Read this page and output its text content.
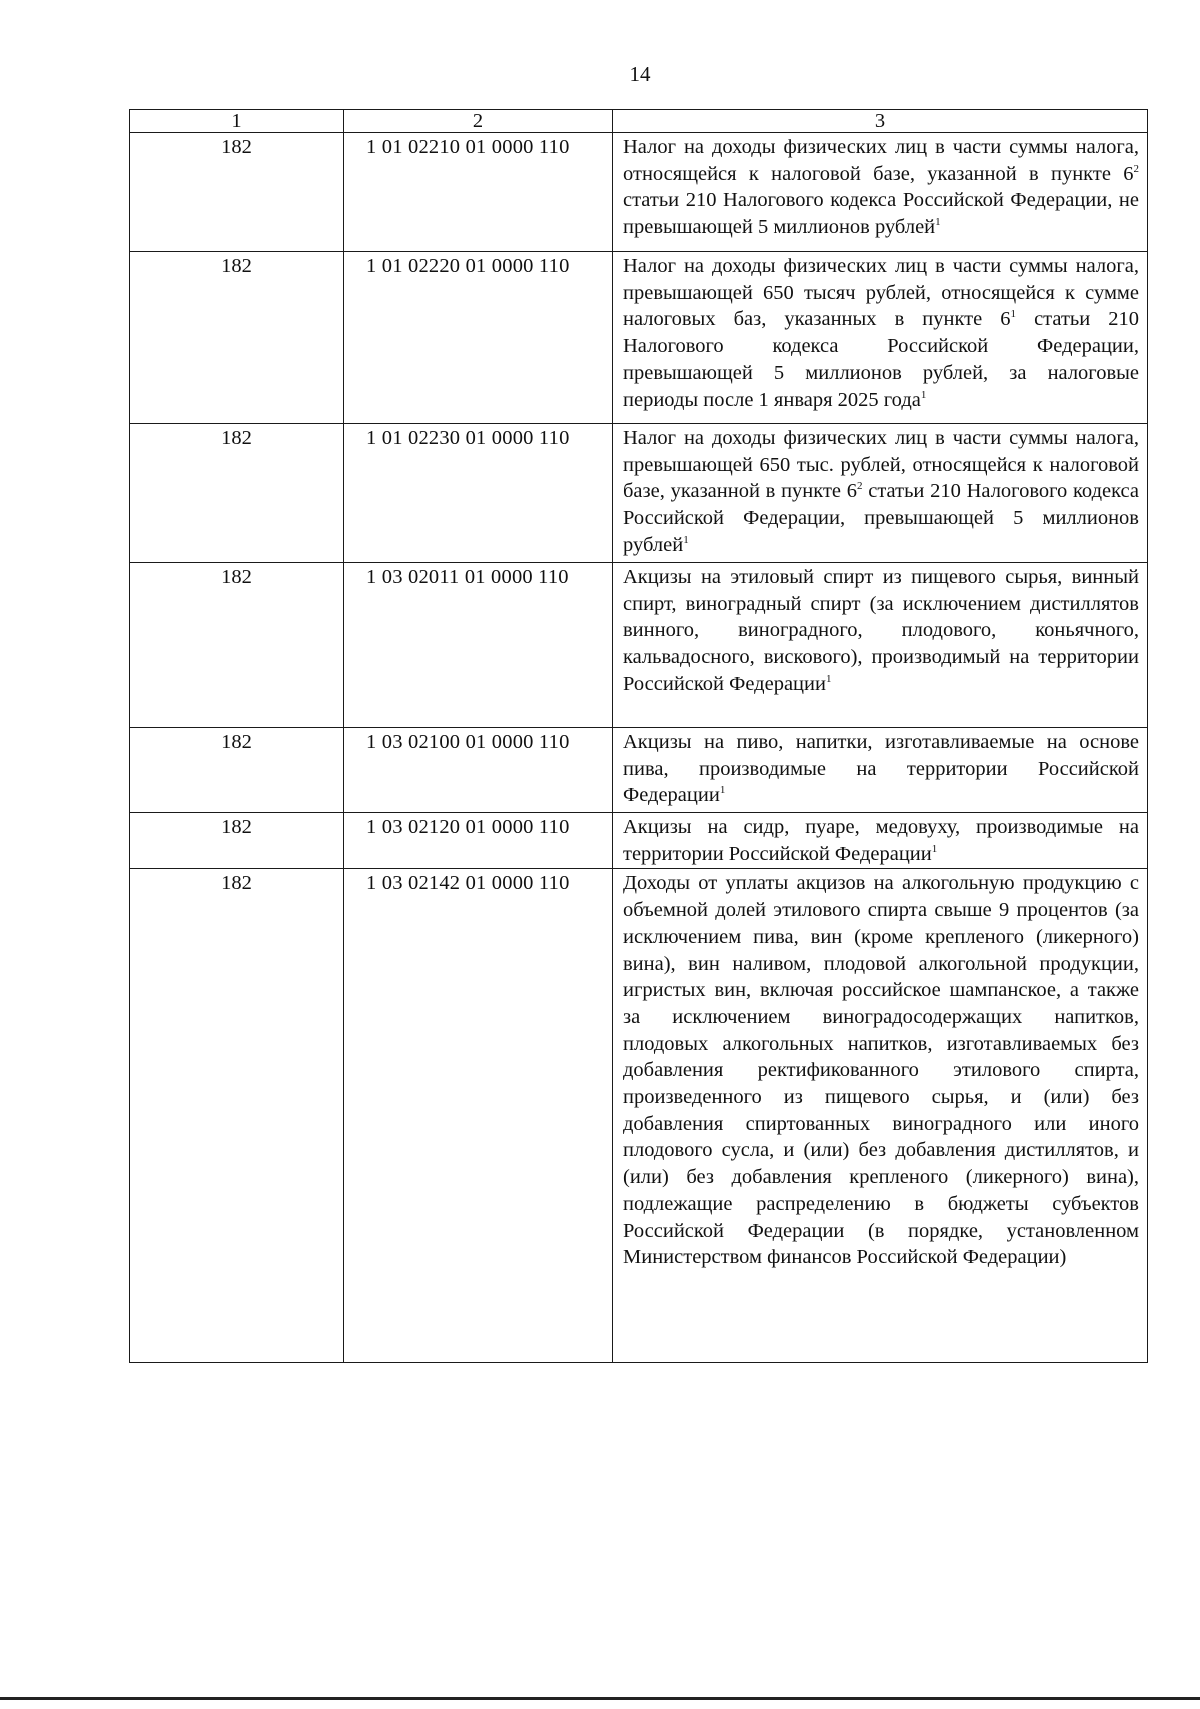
14
1	2	3
182	1 01 02210 01 0000 110	Налог на доходы физических лиц в части суммы налога, относящейся к налоговой базе, указанной в пункте $6^2$ статьи 210 Налогового кодекса Российской Федерации, не превышающей 5 миллионов рублей$^1$
182	1 01 02220 01 0000 110	Налог на доходы физических лиц в части суммы налога, превышающей 650 тысяч рублей, относящейся к сумме налоговых баз, указанных в пункте $6^1$ статьи 210 Налогового кодекса Российской Федерации, превышающей 5 миллионов рублей, за налоговые периоды после 1 января 2025 года$^1$
182	1 01 02230 01 0000 110	Налог на доходы физических лиц в части суммы налога, превышающей 650 тыс. рублей, относящейся к налоговой базе, указанной в пункте $6^2$ статьи 210 Налогового кодекса Российской Федерации, превышающей 5 миллионов рублей$^1$
182	1 03 02011 01 0000 110	Акцизы на этиловый спирт из пищевого сырья, винный спирт, виноградный спирт (за исключением дистиллятов винного, виноградного, плодового, коньячного, кальвадосного, вискового), производимый на территории Российской Федерации$^1$
182	1 03 02100 01 0000 110	Акцизы на пиво, напитки, изготавливаемые на основе пива, производимые на территории Российской Федерации$^1$
182	1 03 02120 01 0000 110	Акцизы на сидр, пуаре, медовуху, производимые на территории Российской Федерации$^1$
182	1 03 02142 01 0000 110	Доходы от уплаты акцизов на алкогольную продукцию с объемной долей этилового спирта свыше 9 процентов (за исключением пива, вин (кроме крепленого (ликерного) вина), вин наливом, плодовой алкогольной продукции, игристых вин, включая российское шампанское, а также за исключением виноградосодержащих напитков, плодовых алкогольных напитков, изготавливаемых без добавления ректификованного этилового спирта, произведенного из пищевого сырья, и (или) без добавления спиртованных виноградного или иного плодового сусла, и (или) без добавления дистиллятов, и (или) без добавления крепленого (ликерного) вина), подлежащие распределению в бюджеты субъектов Российской Федерации (в порядке, установленном Министерством финансов Российской Федерации)
